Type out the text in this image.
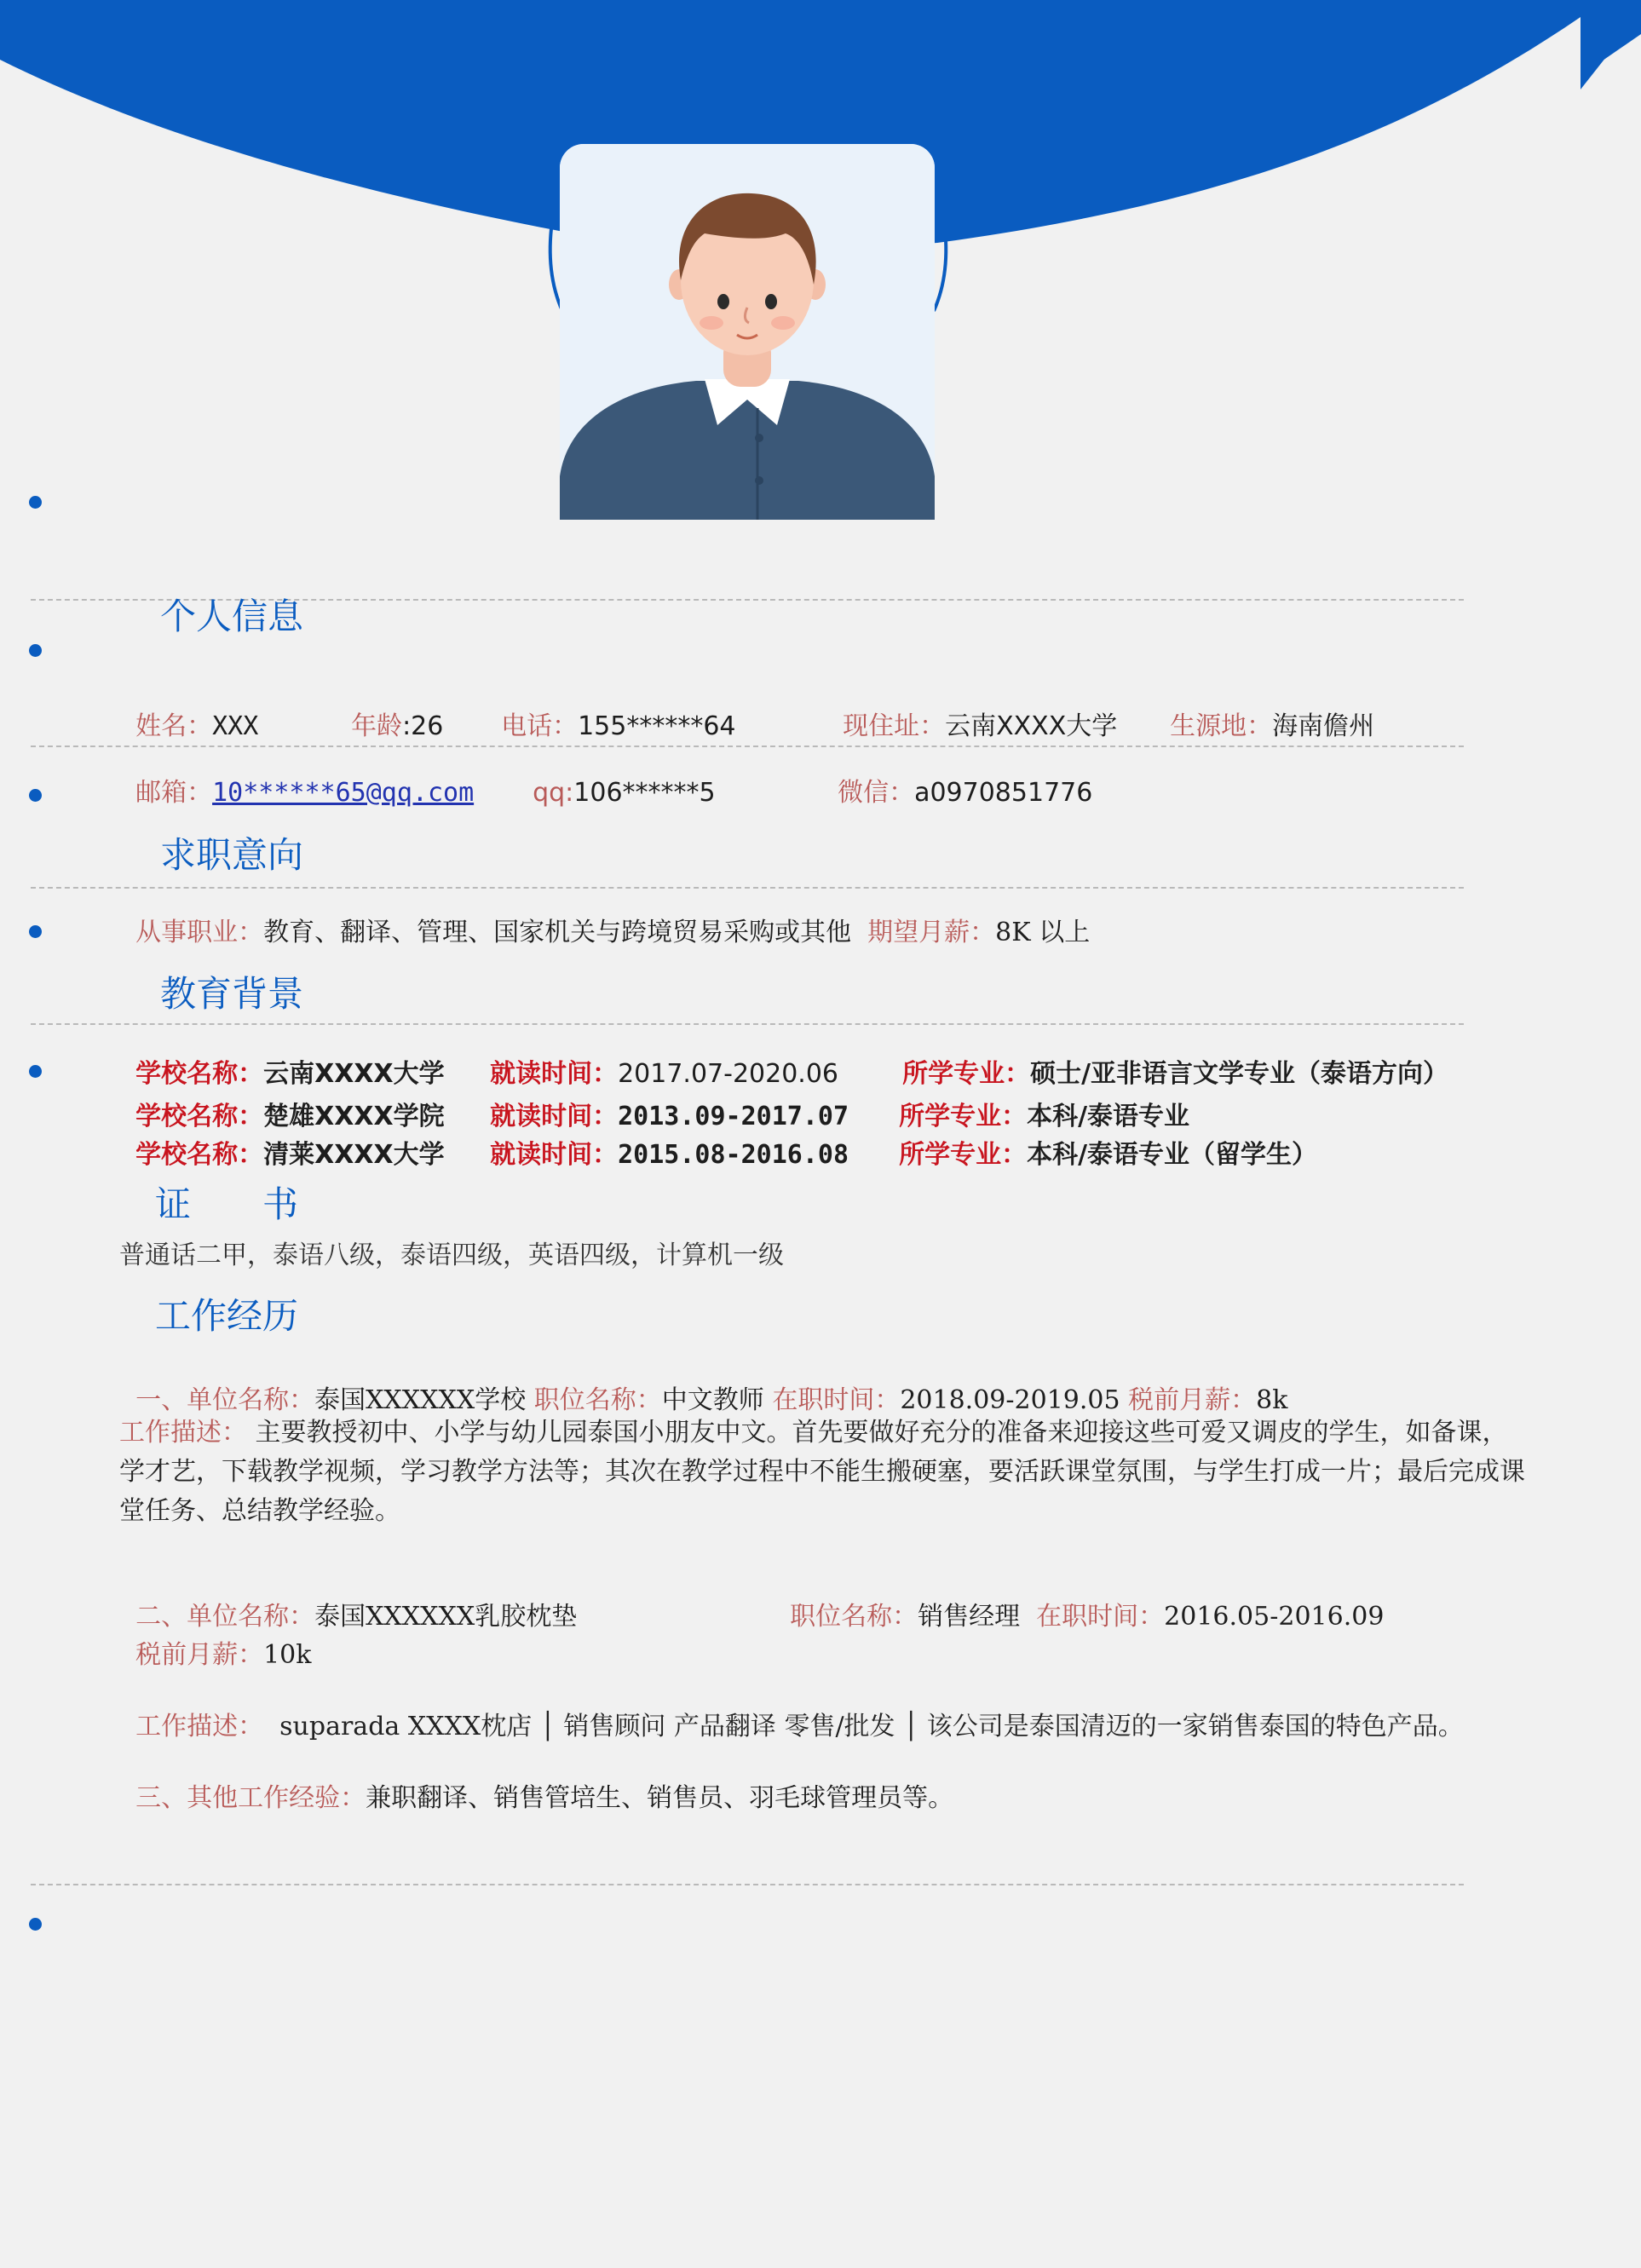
个人信息

姓名：XXX	年龄:26	电话：155******64	现住址：云南XXXX大学	生源地：海南儋州

邮箱：10******65@qq.com	qq:106******5	微信：a0970851776

求职意向

从事职业：教育、翻译、管理、国家机关与跨境贸易采购或其他 期望月薪：8K 以上

教育背景

学校名称：云南XXXX大学	就读时间：2017.07-2020.06	所学专业：硕士/亚非语言文学专业（泰语方向）

学校名称：楚雄XXXX学院	就读时间：2013.09-2017.07	所学专业：本科/泰语专业

学校名称：清莱XXXX大学	就读时间：2015.08-2016.08	所学专业：本科/泰语专业（留学生）

证　　书
普通话二甲，泰语八级，泰语四级，英语四级，计算机一级
工作经历

一、单位名称：泰国XXXXXX学校 职位名称：中文教师 在职时间：2018.09-2019.05 税前月薪：8k

工作描述： 主要教授初中、小学与幼儿园泰国小朋友中文。首先要做好充分的准备来迎接这些可爱又调皮的学生，如备课，学才艺，下载教学视频，学习教学方法等；其次在教学过程中不能生搬硬塞，要活跃课堂氛围，与学生打成一片；最后完成课堂任务、总结教学经验。

二、单位名称：泰国XXXXXX乳胶枕垫	职位名称：销售经理 在职时间：2016.05-2016.09

税前月薪：10k

工作描述： suparada XXXX枕店 │ 销售顾问 产品翻译 零售/批发 │ 该公司是泰国清迈的一家销售泰国的特色产品。

三、其他工作经验：兼职翻译、销售管培生、销售员、羽毛球管理员等。
